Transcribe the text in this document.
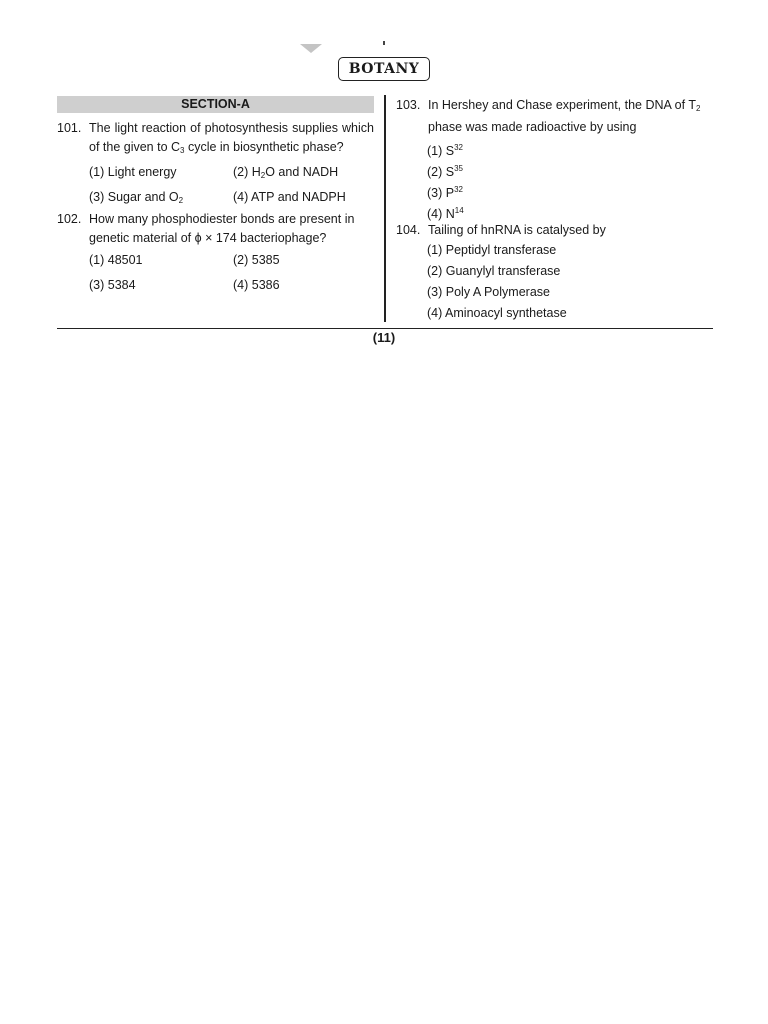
BOTANY
SECTION-A
101. The light reaction of photosynthesis supplies which of the given to $C_3$ cycle in biosynthetic phase?
(1) Light energy	(2) $H_2O$ and NADH
(3) Sugar and $O_2$	(4) ATP and NADPH
102. How many phosphodiester bonds are present in genetic material of ϕ × 174 bacteriophage?
(1) 48501	(2) 5385
(3) 5384	(4) 5386
103. In Hershey and Chase experiment, the DNA of $T_2$ phase was made radioactive by using
(1) $S^{32}$
(2) $S^{35}$
(3) $P^{32}$
(4) $N^{14}$
104. Tailing of hnRNA is catalysed by
(1) Peptidyl transferase
(2) Guanylyl transferase
(3) Poly A Polymerase
(4) Aminoacyl synthetase
(11)
